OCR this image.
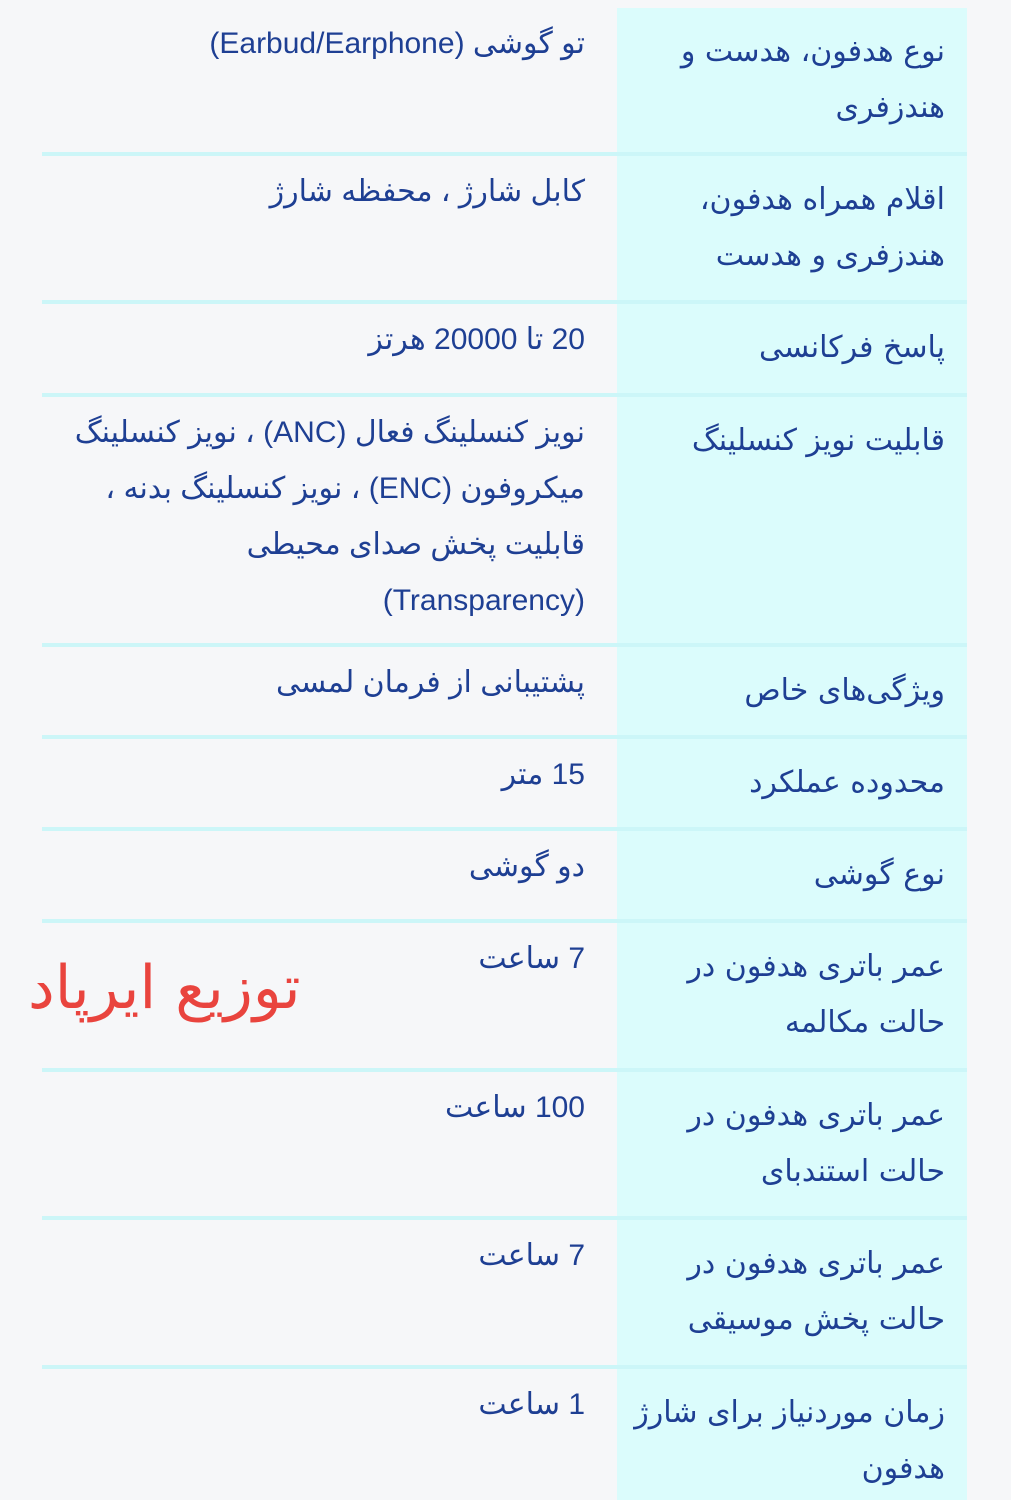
نوع هدفون، هدست و هندزفری
تو گوشی (Earbud/Earphone)
اقلام همراه هدفون، هندزفری و هدست
کابل شارژ ، محفظه شارژ
پاسخ فرکانسی
20 تا 20000 هرتز
قابلیت نویز کنسلینگ
نویز کنسلینگ فعال (ANC) ، نویز کنسلینگ میکروفون (ENC) ، نویز کنسلینگ بدنه ، قابلیت پخش صدای محیطی (Transparency)
ویژگی‌های خاص
پشتیبانی از فرمان لمسی
محدوده عملکرد
15 متر
نوع گوشی
دو گوشی
عمر باتری هدفون در حالت مکالمه
7 ساعت
عمر باتری هدفون در حالت استندبای
100 ساعت
عمر باتری هدفون در حالت پخش موسیقی
7 ساعت
زمان موردنیاز برای شارژ هدفون
1 ساعت
توزیع ایرپاد
